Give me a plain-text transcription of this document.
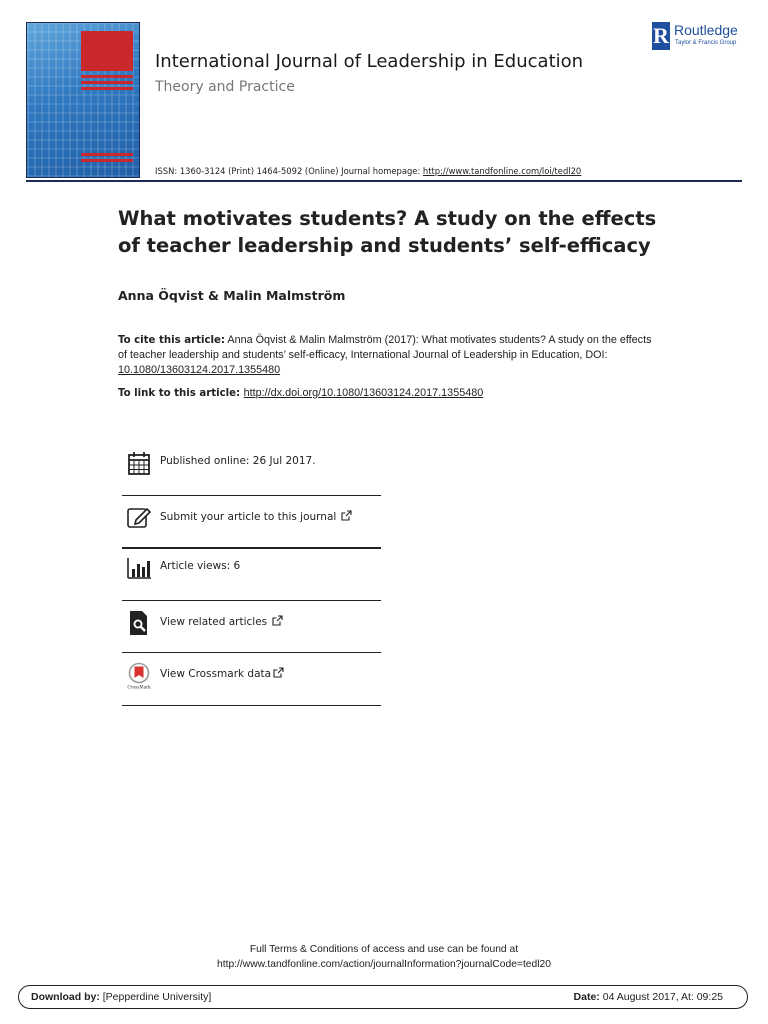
R Routledge
Taylor & Francis Group
International Journal of Leadership in Education
Theory and Practice
ISSN: 1360-3124 (Print) 1464-5092 (Online) Journal homepage: http://www.tandfonline.com/loi/tedl20
What motivates students? A study on the effects
of teacher leadership and students’ self-efficacy
Anna Öqvist & Malin Malmström
To cite this article: Anna Öqvist & Malin Malmström (2017): What motivates students? A study on the effects of teacher leadership and students’ self-efficacy, International Journal of Leadership in Education, DOI: 10.1080/13603124.2017.1355480
To link to this article: http://dx.doi.org/10.1080/13603124.2017.1355480
Published online: 26 Jul 2017.
Submit your article to this journal
Article views: 6
View related articles
CrossMark
View Crossmark data
Full Terms & Conditions of access and use can be found at
http://www.tandfonline.com/action/journalInformation?journalCode=tedl20
Download by: [Pepperdine University]	Date: 04 August 2017, At: 09:25
